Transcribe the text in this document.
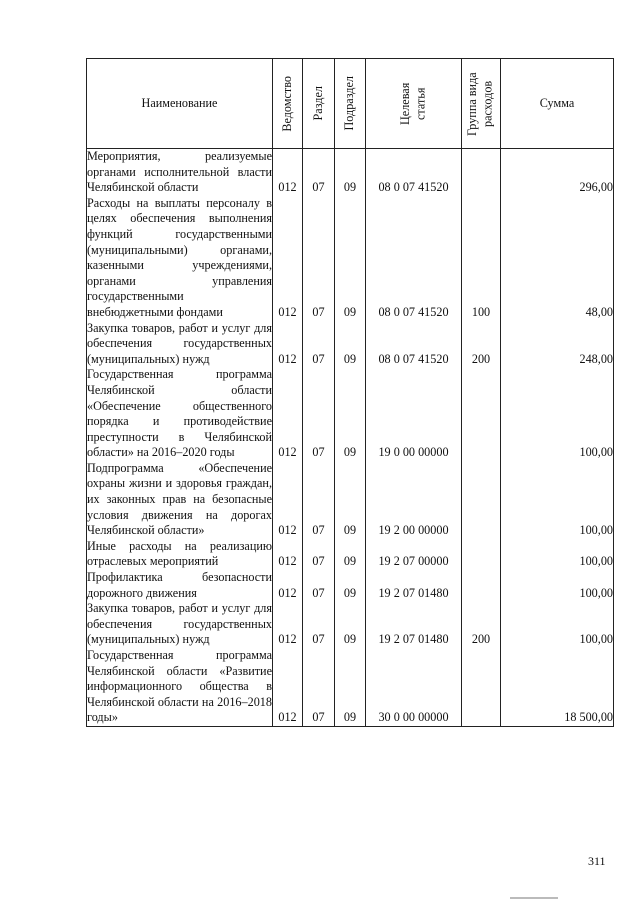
Наименование	Ведомство	Раздел	Подраздел	Целевая статья	Группа вида расходов	Сумма

Мероприятия, реализуемые органами исполнительной власти Челябинской области	012	07	09	08 0 07 41520		296,00

Расходы на выплаты персоналу в целях обеспечения выполнения функций государственными (муниципальными) органами, казенными учреждениями, органами управления государственными внебюджетными фондами	012	07	09	08 0 07 41520	100	48,00

Закупка товаров, работ и услуг для обеспечения государственных (муниципальных) нужд	012	07	09	08 0 07 41520	200	248,00

Государственная программа Челябинской области «Обеспечение общественного порядка и противодействие преступности в Челябинской области» на 2016–2020 годы	012	07	09	19 0 00 00000		100,00

Подпрограмма «Обеспечение охраны жизни и здоровья граждан, их законных прав на безопасные условия движения на дорогах Челябинской области»	012	07	09	19 2 00 00000		100,00

Иные расходы на реализацию отраслевых мероприятий	012	07	09	19 2 07 00000		100,00

Профилактика безопасности дорожного движения	012	07	09	19 2 07 01480		100,00

Закупка товаров, работ и услуг для обеспечения государственных (муниципальных) нужд	012	07	09	19 2 07 01480	200	100,00

Государственная программа Челябинской области «Развитие информационного общества в Челябинской области на 2016–2018 годы»	012	07	09	30 0 00 00000		18 500,00
311
